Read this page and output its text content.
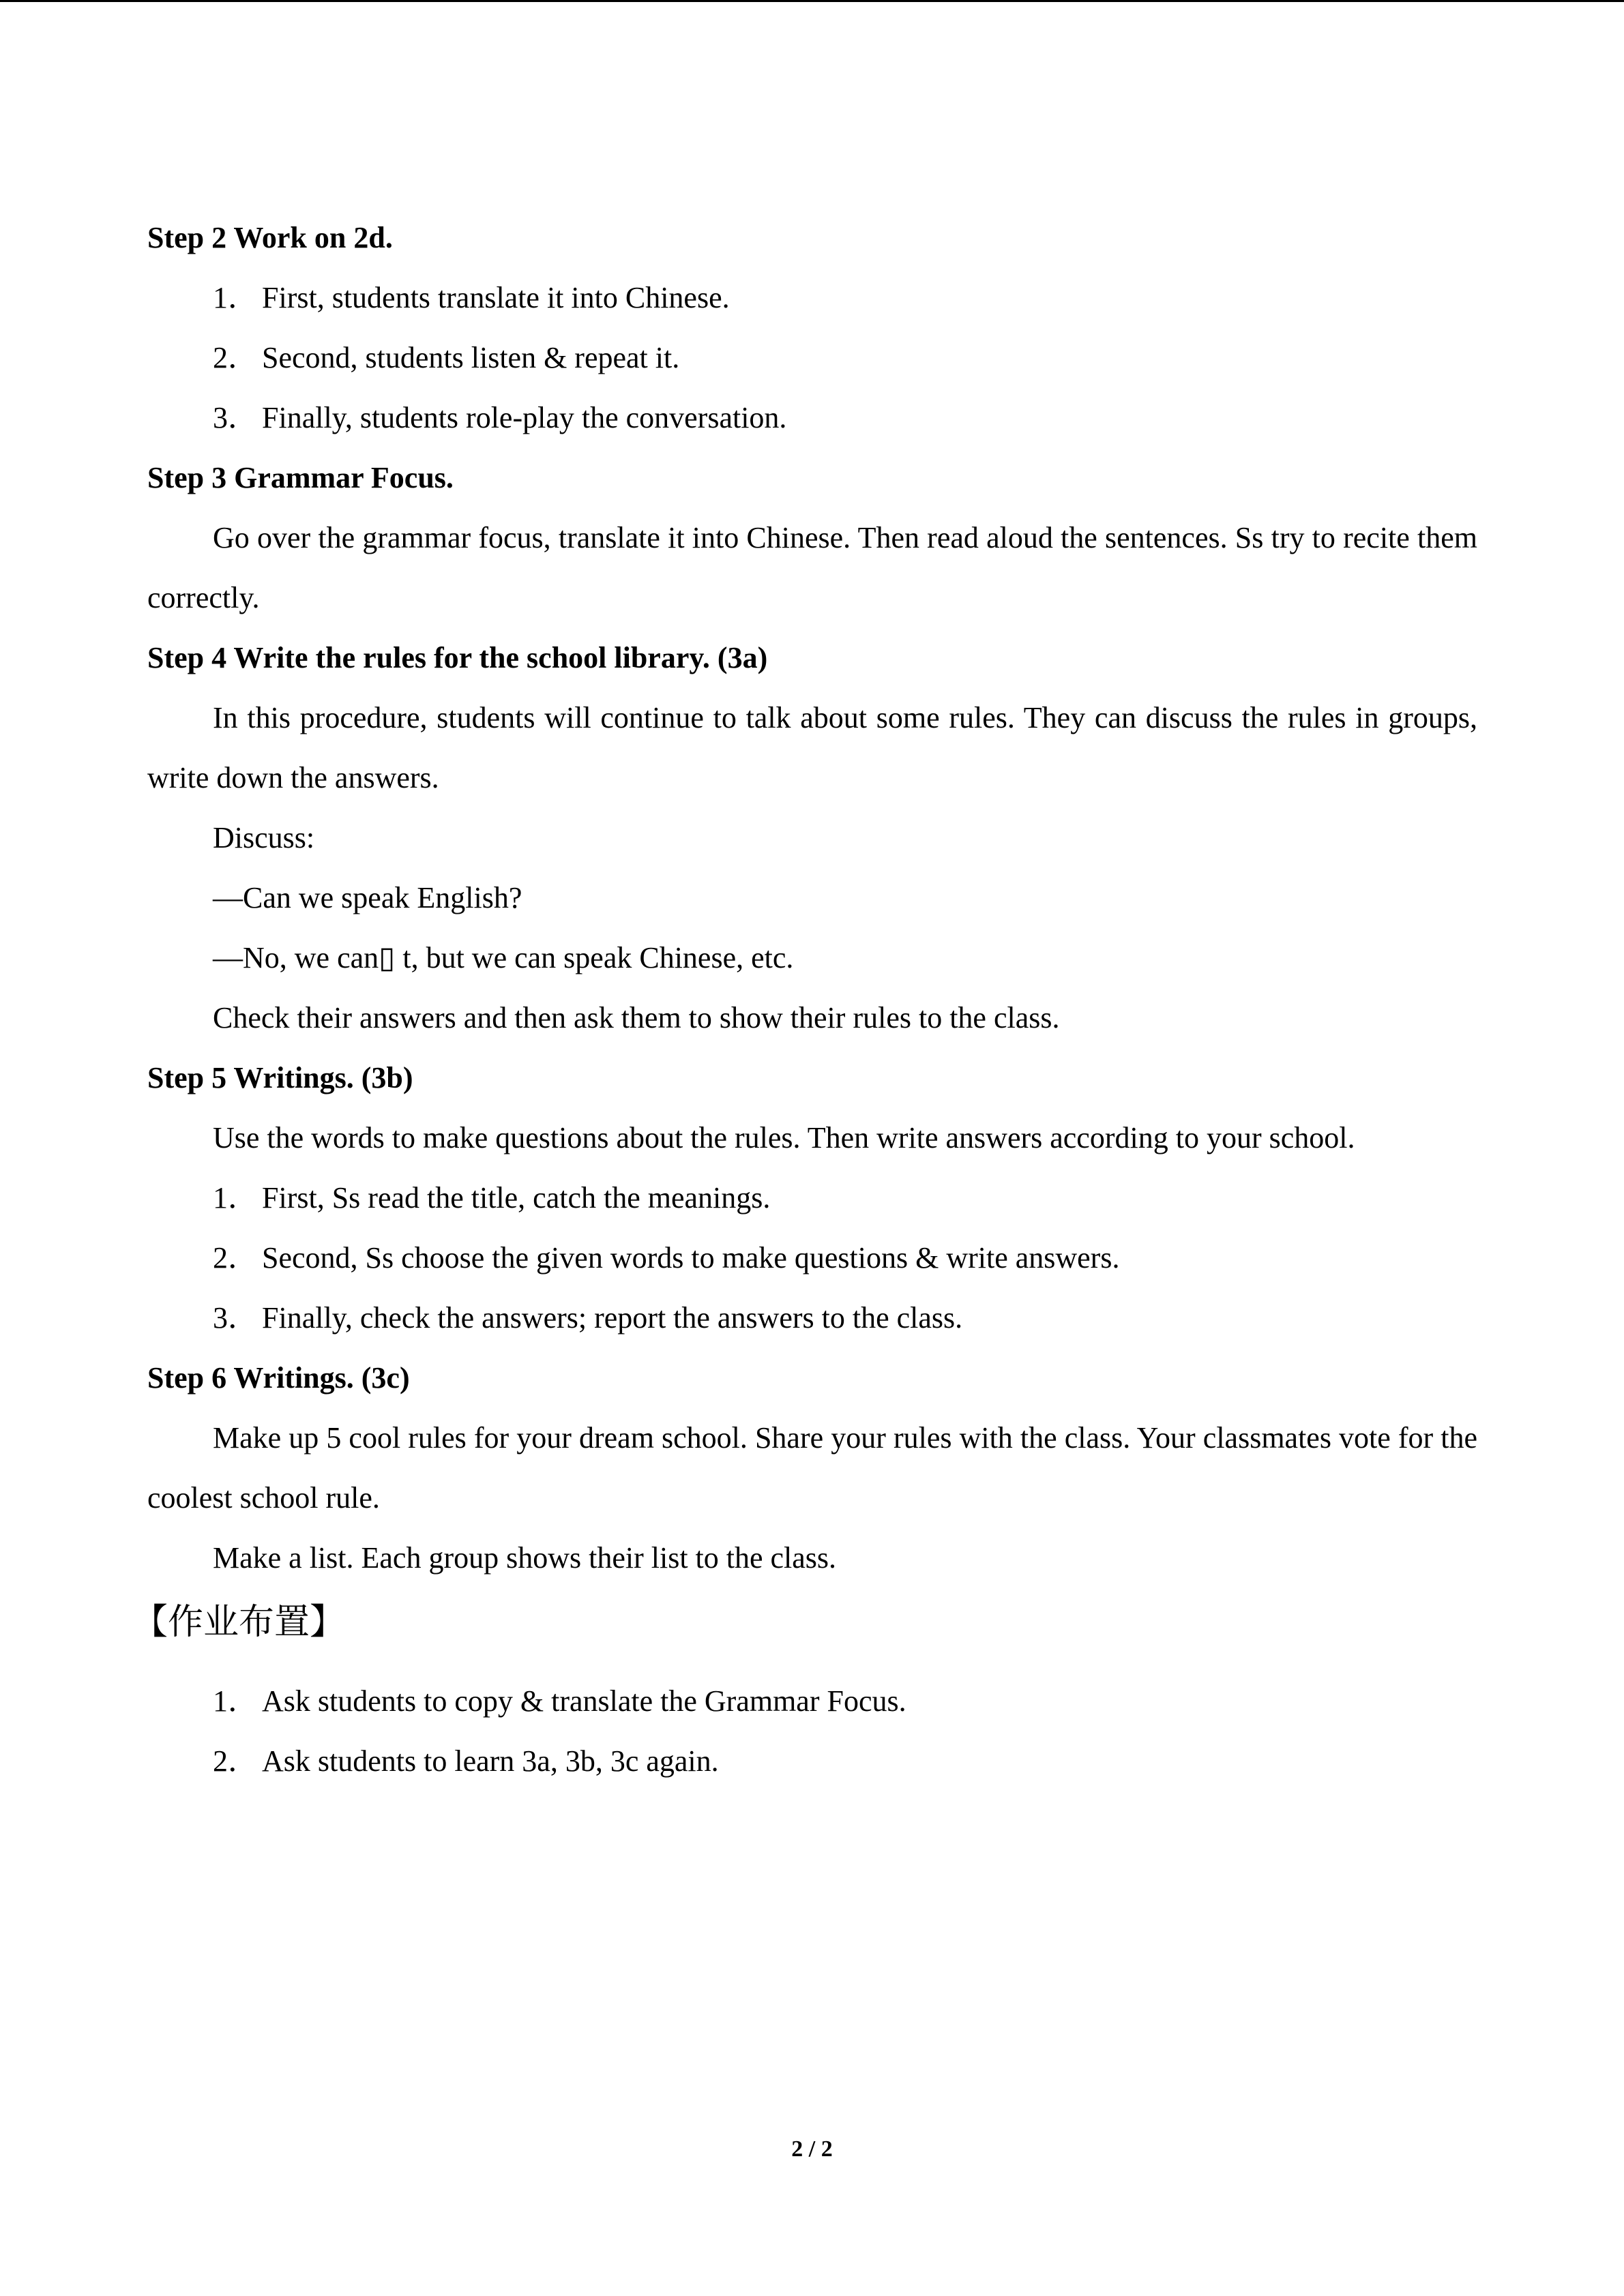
Step 2 Work on 2d.
1． First, students translate it into Chinese.
2． Second, students listen & repeat it.
3． Finally, students role-play the conversation.
Step 3 Grammar Focus.

Go over the grammar focus, translate it into Chinese. Then read aloud the sentences. Ss try to recite them correctly.

Step 4 Write the rules for the school library. (3a)

In this procedure, students will continue to talk about some rules. They can discuss the rules in groups, write down the answers.

Discuss:
—Can we speak English?
—No, we can▯ t, but we can speak Chinese, etc.
Check their answers and then ask them to show their rules to the class.
Step 5 Writings. (3b)
Use the words to make questions about the rules. Then write answers according to your school.
1． First, Ss read the title, catch the meanings.
2． Second, Ss choose the given words to make questions & write answers.
3． Finally, check the answers; report the answers to the class.
Step 6 Writings. (3c)

Make up 5 cool rules for your dream school. Share your rules with the class. Your classmates vote for the coolest school rule.

Make a list. Each group shows their list to the class.
【作业布置】
1． Ask students to copy & translate the Grammar Focus.
2． Ask students to learn 3a, 3b, 3c again.
2 / 2
